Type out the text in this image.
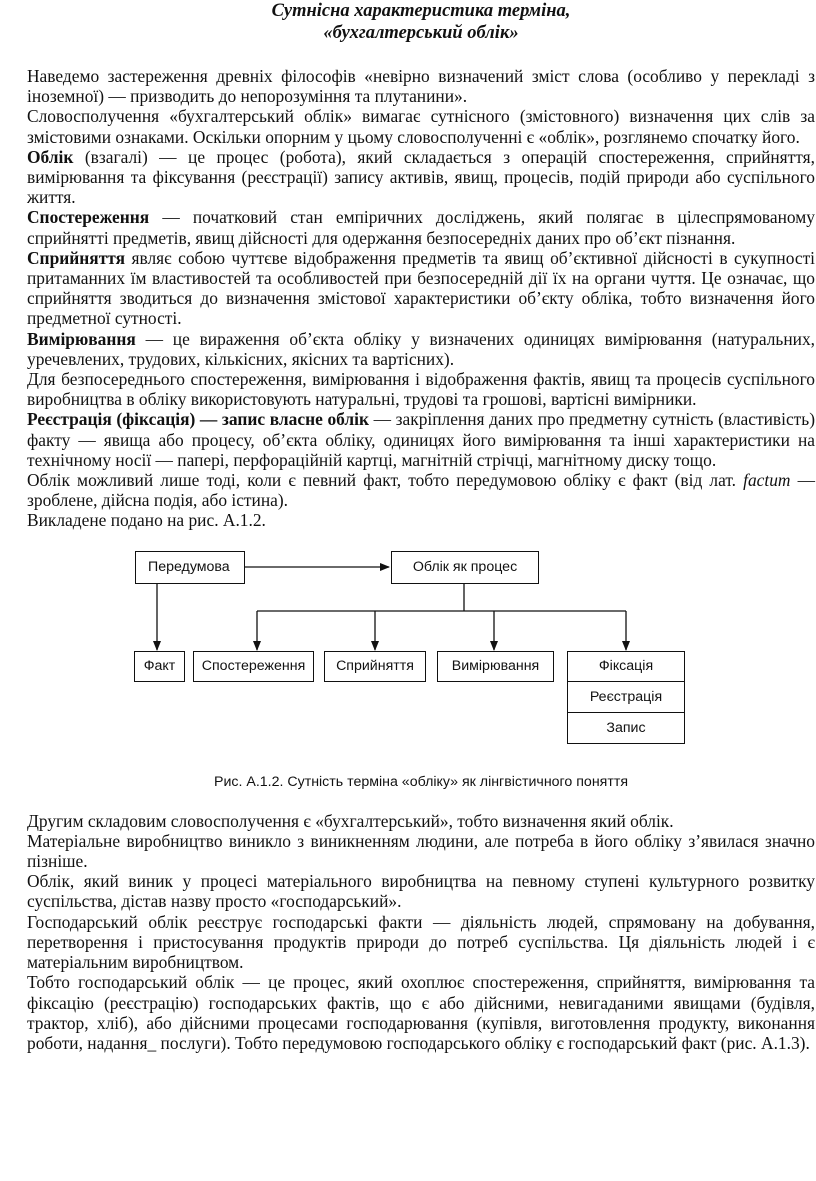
Сутнісна характеристика терміна,
«бухгалтерський облік»

Наведемо застереження древніх філософів «невірно визначений зміст слова (особливо у перекладі з іноземної) — призводить до непорозуміння та плутанини».

Словосполучення «бухгалтерський облік» вимагає сутнісного (змістовного) визначення цих слів за змістовими ознаками. Оскільки опорним у цьому словосполученні є «облік», розглянемо спочатку його.

Облік (взагалі) — це процес (робота), який складається з операцій спостереження, сприйняття, вимірювання та фіксування (реєстрації) запису активів, явищ, процесів, подій природи або суспільного життя.

Спостереження — початковий стан емпіричних досліджень, який полягає в цілеспрямованому сприйнятті предметів, явищ дійсності для одержання безпосередніх даних про об’єкт пізнання.

Сприйняття являє собою чуттєве відображення предметів та явищ об’єктивної дійсності в сукупності притаманних їм властивостей та особливостей при безпосередній дії їх на органи чуття. Це означає, що сприйняття зводиться до визначення змістової характеристики об’єкту обліка, тобто визначення його предметної сутності.

Вимірювання — це вираження об’єкта обліку у визначених одиницях вимірювання (натуральних, уречевлених, трудових, кількісних, якісних та вартісних).

Для безпосереднього спостереження, вимірювання і відображення фактів, явищ та процесів суспільного виробництва в обліку використовують натуральні, трудові та грошові, вартісні вимірники.

Реєстрація (фіксація) — запис власне облік — закріплення даних про предметну сутність (властивість) факту — явища або процесу, об’єкта обліку, одиницях його вимірювання та інші характеристики на технічному носії — папері, перфораційній картці, магнітній стрічці, магнітному диску тощо.

Облік можливий лише тоді, коли є певний факт, тобто передумовою обліку є факт (від лат. factum — зроблене, дійсна подія, або істина).

Викладене подано на рис. А.1.2.

Передумова	Облік як процес
Факт	Спостереження	Сприйняття	Вимірювання	Фіксація
Реєстрація
Запис
Рис. А.1.2. Сутність терміна «обліку» як лінгвістичного поняття

Другим складовим словосполучення є «бухгалтерський», тобто визначення який облік.

Матеріальне виробництво виникло з виникненням людини, але потреба в його обліку з’явилася значно пізніше.

Облік, який виник у процесі матеріального виробництва на певному ступені культурного розвитку суспільства, дістав назву просто «господарський».

Господарський облік реєструє господарські факти — діяльність людей, спрямовану на добування, перетворення і пристосування продуктів природи до потреб суспільства. Ця діяльність людей і є матеріальним виробництвом.

Тобто господарський облік — це процес, який охоплює спостереження, сприйняття, вимірювання та фіксацію (реєстрацію) господарських фактів, що є або дійсними, невигаданими явищами (будівля, трактор, хліб), або дійсними процесами господарювання (купівля, виготовлення продукту, виконання роботи, надання_ послуги). Тобто передумовою господарського обліку є господарський факт (рис. А.1.3).
